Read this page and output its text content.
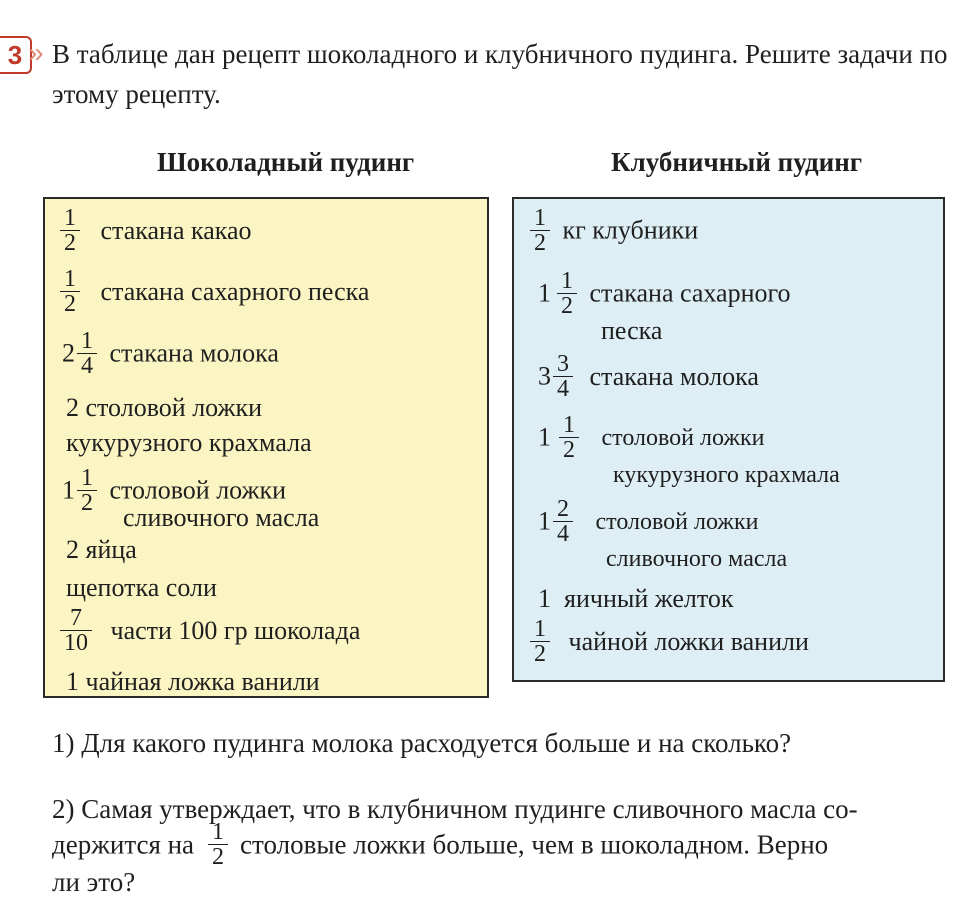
3 » В таблице дан рецепт шоколадного и клубничного пудинга. Решите задачи по этому рецепту.
Шоколадный пудинг	Клубничный пудинг
$\frac{1}{2}$ стакана какао
$\frac{1}{2}$ стакана сахарного песка
$2 \frac{1}{4}$ стакана молока
2 столовой ложки
кукурузного крахмала
$1 \frac{1}{2}$ столовой ложки
сливочного масла
2 яйца
щепотка соли
$\frac{7}{10}$ части 100 гр шоколада
1 чайная ложка ванили
$\frac{1}{2}$ кг клубники
$1 \frac{1}{2}$ стакана сахарного
песка
$3 \frac{3}{4}$ стакана молока
$1 \frac{1}{2}$ столовой ложки
кукурузного крахмала
$1 \frac{2}{4}$ столовой ложки
сливочного масла
1  яичный желток
$\frac{1}{2}$ чайной ложки ванили
1) Для какого пудинга молока расходуется больше и на сколько?
2) Самая утверждает, что в клубничном пудинге сливочного масла со-
держится на $\frac{1}{2}$ столовые ложки больше, чем в шоколадном. Верно
ли это?
